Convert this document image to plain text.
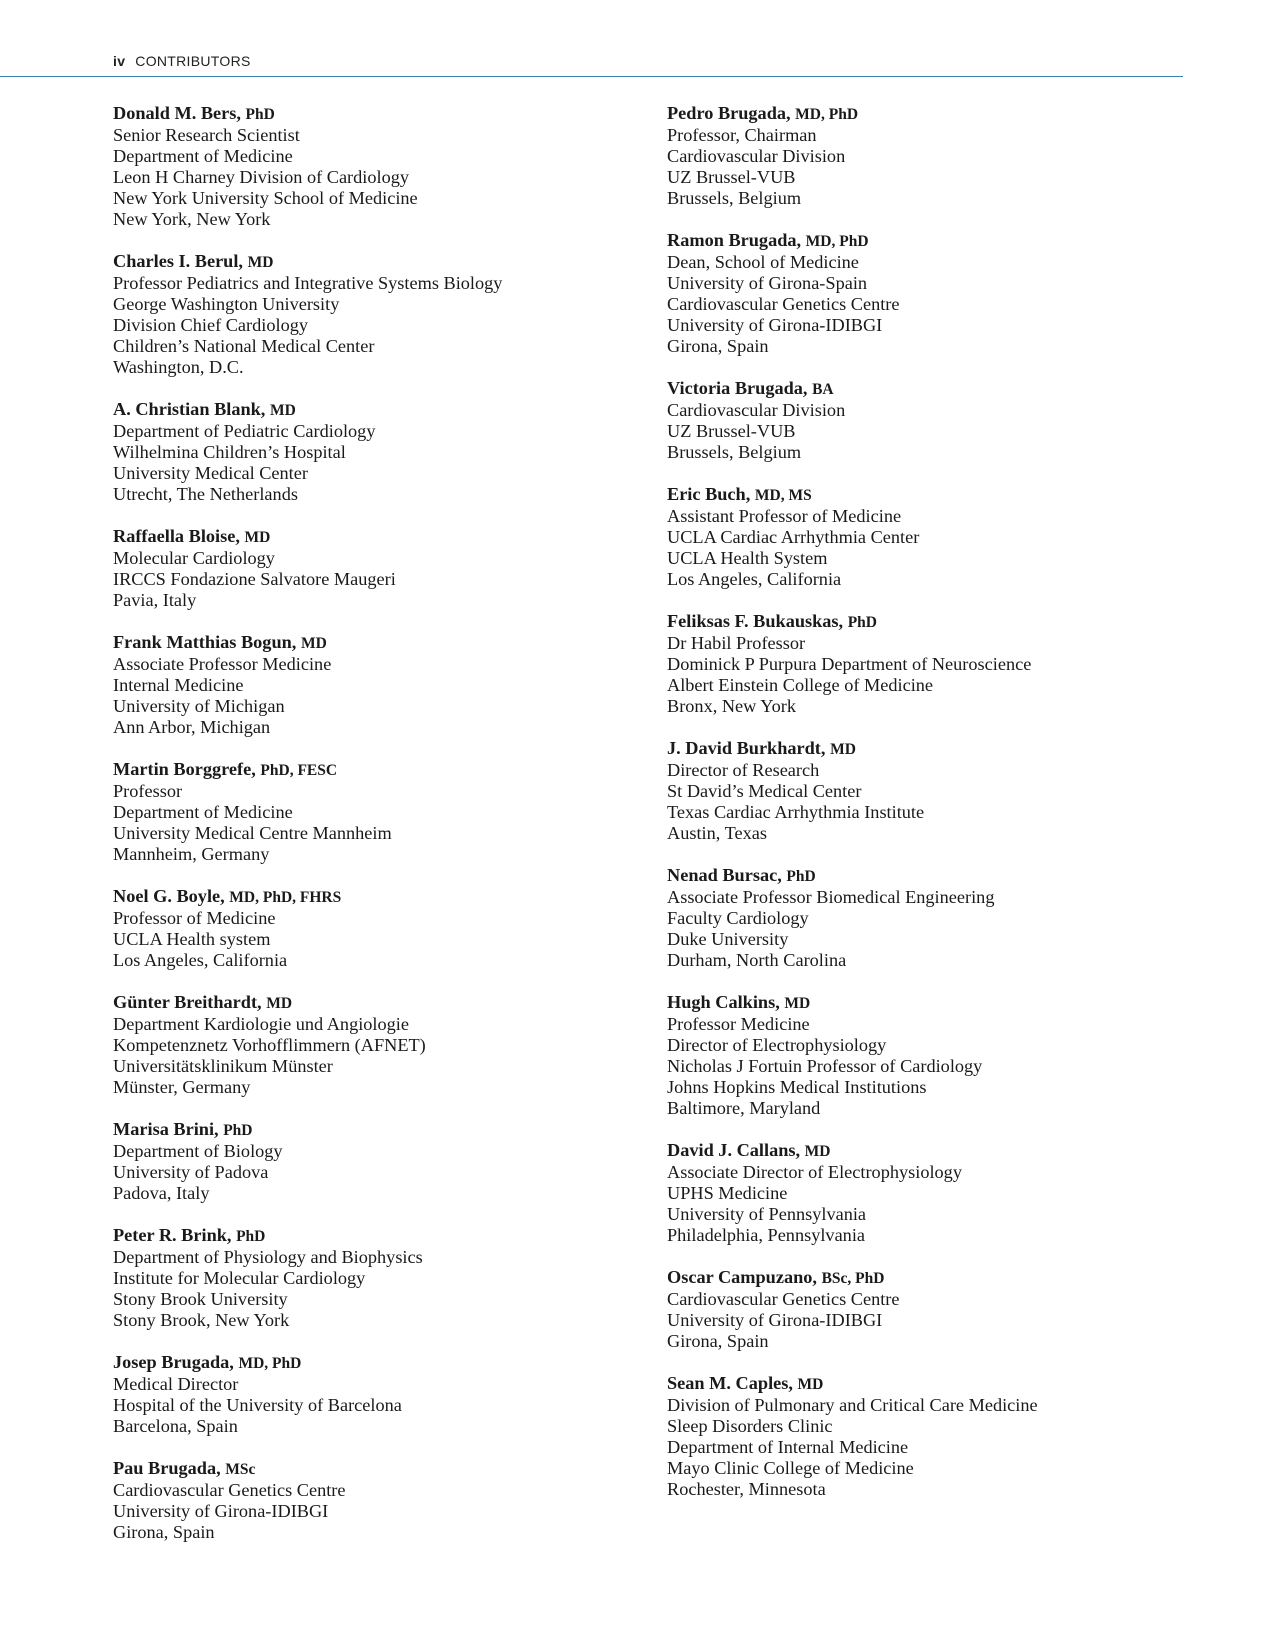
iv CONTRIBUTORS
Donald M. Bers, PhD
Senior Research Scientist
Department of Medicine
Leon H Charney Division of Cardiology
New York University School of Medicine
New York, New York
Charles I. Berul, MD
Professor Pediatrics and Integrative Systems Biology
George Washington University
Division Chief Cardiology
Children’s National Medical Center
Washington, D.C.
A. Christian Blank, MD
Department of Pediatric Cardiology
Wilhelmina Children’s Hospital
University Medical Center
Utrecht, The Netherlands
Raffaella Bloise, MD
Molecular Cardiology
IRCCS Fondazione Salvatore Maugeri
Pavia, Italy
Frank Matthias Bogun, MD
Associate Professor Medicine
Internal Medicine
University of Michigan
Ann Arbor, Michigan
Martin Borggrefe, PhD, FESC
Professor
Department of Medicine
University Medical Centre Mannheim
Mannheim, Germany
Noel G. Boyle, MD, PhD, FHRS
Professor of Medicine
UCLA Health system
Los Angeles, California
Günter Breithardt, MD
Department Kardiologie und Angiologie
Kompetenznetz Vorhofflimmern (AFNET)
Universitätsklinikum Münster
Münster, Germany
Marisa Brini, PhD
Department of Biology
University of Padova
Padova, Italy
Peter R. Brink, PhD
Department of Physiology and Biophysics
Institute for Molecular Cardiology
Stony Brook University
Stony Brook, New York
Josep Brugada, MD, PhD
Medical Director
Hospital of the University of Barcelona
Barcelona, Spain
Pau Brugada, MSc
Cardiovascular Genetics Centre
University of Girona-IDIBGI
Girona, Spain
Pedro Brugada, MD, PhD
Professor, Chairman
Cardiovascular Division
UZ Brussel-VUB
Brussels, Belgium
Ramon Brugada, MD, PhD
Dean, School of Medicine
University of Girona-Spain
Cardiovascular Genetics Centre
University of Girona-IDIBGI
Girona, Spain
Victoria Brugada, BA
Cardiovascular Division
UZ Brussel-VUB
Brussels, Belgium
Eric Buch, MD, MS
Assistant Professor of Medicine
UCLA Cardiac Arrhythmia Center
UCLA Health System
Los Angeles, California
Feliksas F. Bukauskas, PhD
Dr Habil Professor
Dominick P Purpura Department of Neuroscience
Albert Einstein College of Medicine
Bronx, New York
J. David Burkhardt, MD
Director of Research
St David’s Medical Center
Texas Cardiac Arrhythmia Institute
Austin, Texas
Nenad Bursac, PhD
Associate Professor Biomedical Engineering
Faculty Cardiology
Duke University
Durham, North Carolina
Hugh Calkins, MD
Professor Medicine
Director of Electrophysiology
Nicholas J Fortuin Professor of Cardiology
Johns Hopkins Medical Institutions
Baltimore, Maryland
David J. Callans, MD
Associate Director of Electrophysiology
UPHS Medicine
University of Pennsylvania
Philadelphia, Pennsylvania
Oscar Campuzano, BSc, PhD
Cardiovascular Genetics Centre
University of Girona-IDIBGI
Girona, Spain
Sean M. Caples, MD
Division of Pulmonary and Critical Care Medicine
Sleep Disorders Clinic
Department of Internal Medicine
Mayo Clinic College of Medicine
Rochester, Minnesota
